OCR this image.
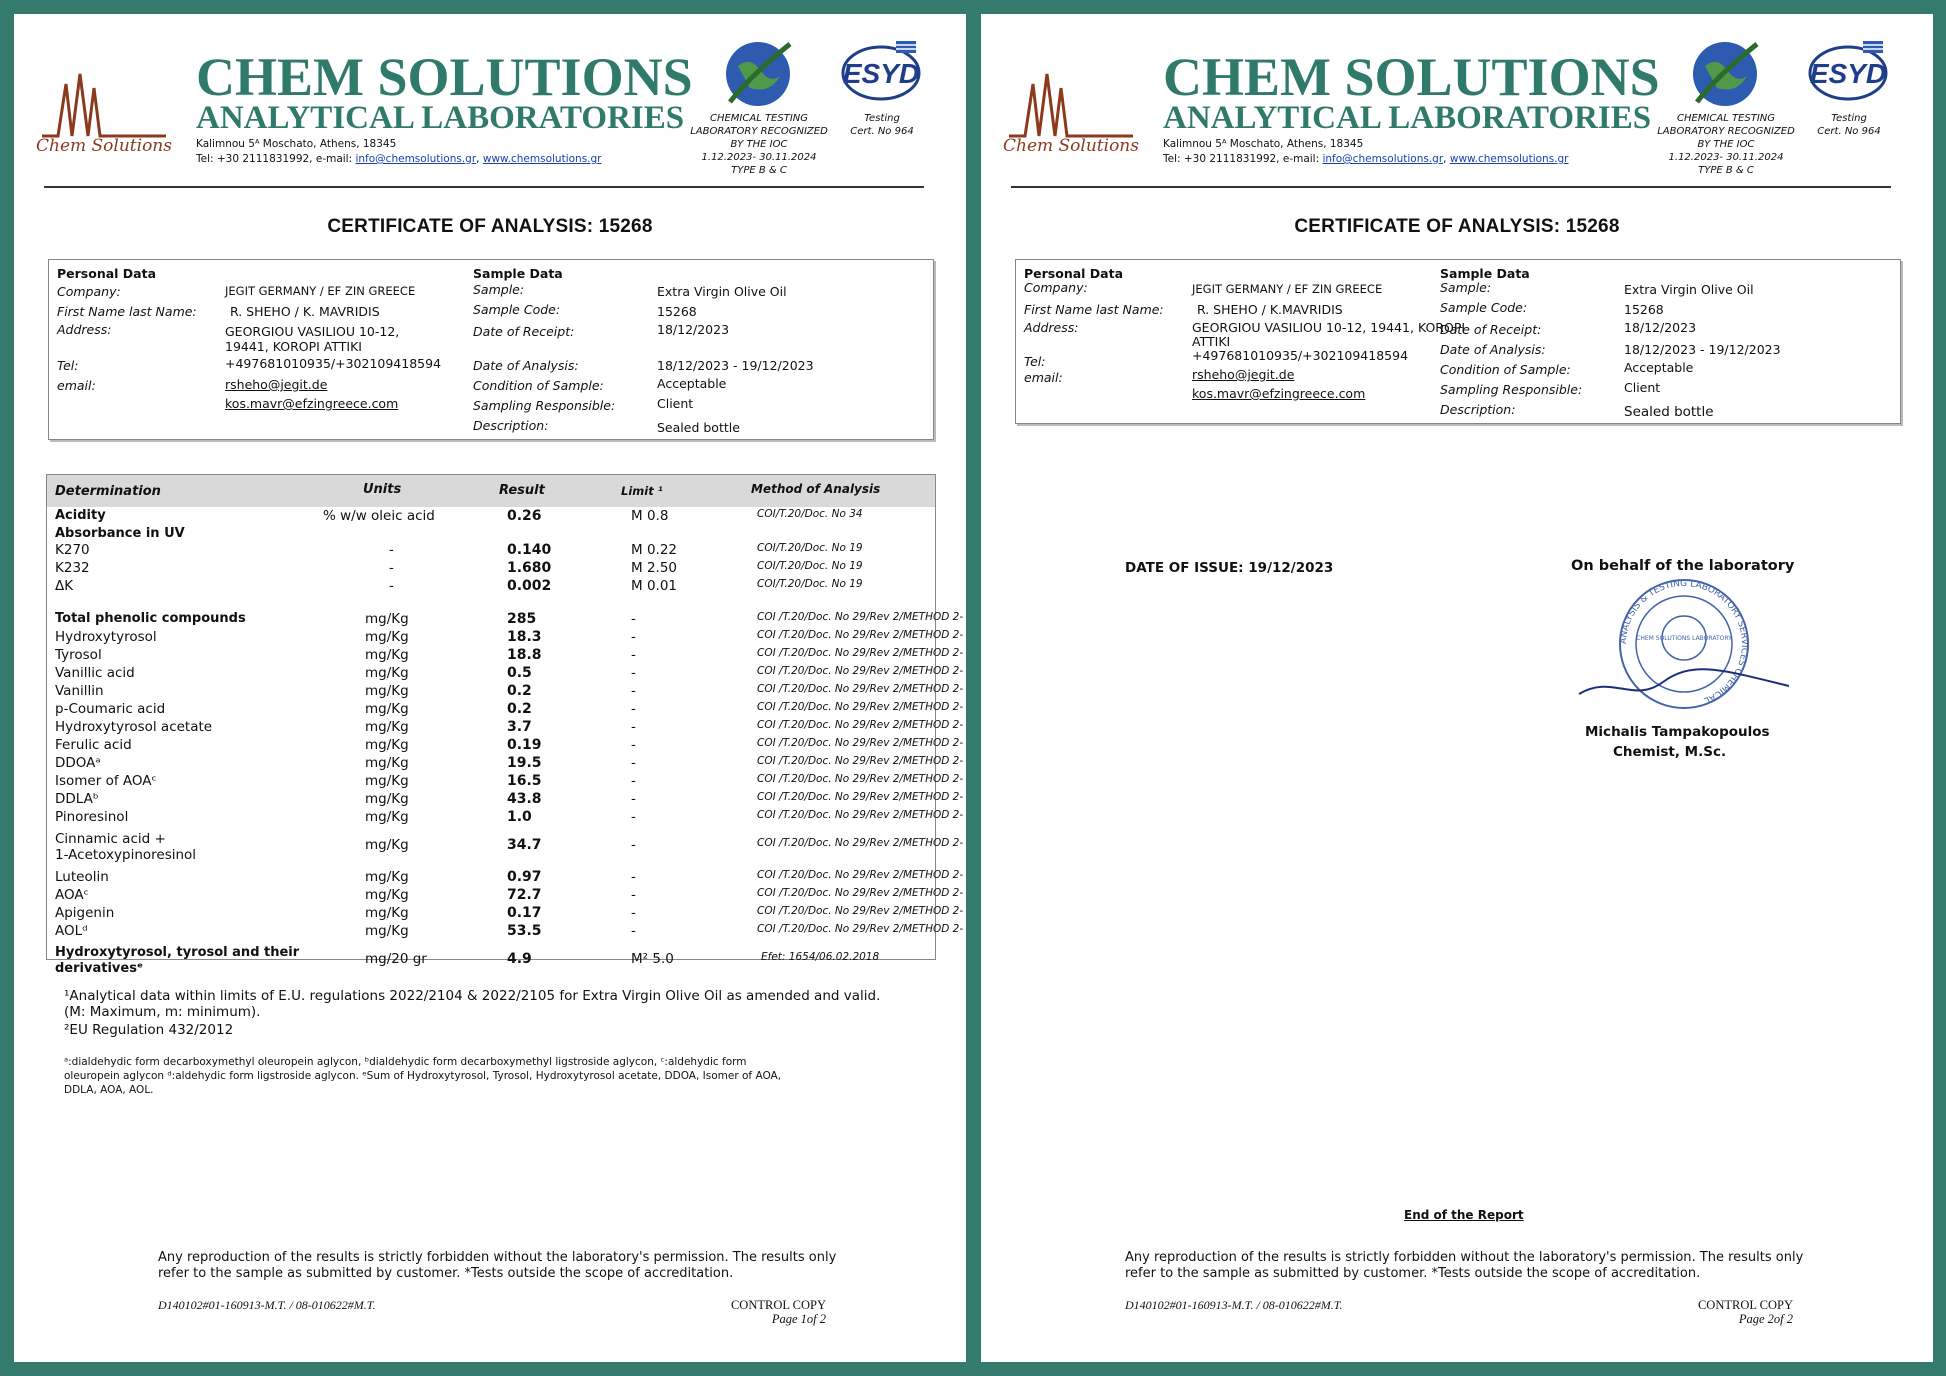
Chem Solutions
CHEM SOLUTIONS
ANALYTICAL LABORATORIES
Kalimnou 5ᴬ Moschato, Athens, 18345
Tel: +30 2111831992, e-mail: info@chemsolutions.gr, www.chemsolutions.gr
ESYD
CHEMICAL TESTING
LABORATORY RECOGNIZED
BY THE IOC
1.12.2023- 30.11.2024
TYPE B & C
Testing
Cert. No 964
CERTIFICATE OF ANALYSIS: 15268
Personal Data
Company:	JEGIT GERMANY / EF ZIN GREECE
First Name last Name:	R. SHEHO / K. MAVRIDIS
Address:	GEORGIOU VASILIOU 10-12,
19441, KOROPI ATTIKI
Tel:	+497681010935/+302109418594
email:	rsheho@jegit.de
kos.mavr@efzingreece.com
Sample Data
Sample:	Extra Virgin Olive Oil
Sample Code:	15268
Date of Receipt:	18/12/2023
Date of Analysis:	18/12/2023 - 19/12/2023
Condition of Sample:	Acceptable
Sampling Responsible:	Client
Description:	Sealed bottle
Determination	Units	Result	Limit ¹	Method of Analysis
Acidity	% w/w oleic acid	0.26	M 0.8	COI/T.20/Doc. No 34
Absorbance in UV
K270	-	0.140	M 0.22	COI/T.20/Doc. No 19
K232	-	1.680	M 2.50	COI/T.20/Doc. No 19
ΔK	-	0.002	M 0.01	COI/T.20/Doc. No 19
Total phenolic compounds	mg/Kg	285	-	COI /T.20/Doc. No 29/Rev 2/METHOD 2-
Hydroxytyrosol	mg/Kg	18.3	-	COI /T.20/Doc. No 29/Rev 2/METHOD 2-
Tyrosol	mg/Kg	18.8	-	COI /T.20/Doc. No 29/Rev 2/METHOD 2-
Vanillic acid	mg/Kg	0.5	-	COI /T.20/Doc. No 29/Rev 2/METHOD 2-
Vanillin	mg/Kg	0.2	-	COI /T.20/Doc. No 29/Rev 2/METHOD 2-
p-Coumaric acid	mg/Kg	0.2	-	COI /T.20/Doc. No 29/Rev 2/METHOD 2-
Hydroxytyrosol acetate	mg/Kg	3.7	-	COI /T.20/Doc. No 29/Rev 2/METHOD 2-
Ferulic acid	mg/Kg	0.19	-	COI /T.20/Doc. No 29/Rev 2/METHOD 2-
DDOAᵃ	mg/Kg	19.5	-	COI /T.20/Doc. No 29/Rev 2/METHOD 2-
Isomer of AOAᶜ	mg/Kg	16.5	-	COI /T.20/Doc. No 29/Rev 2/METHOD 2-
DDLAᵇ	mg/Kg	43.8	-	COI /T.20/Doc. No 29/Rev 2/METHOD 2-
Pinoresinol	mg/Kg	1.0	-	COI /T.20/Doc. No 29/Rev 2/METHOD 2-
Cinnamic acid +
1-Acetoxypinoresinol
mg/Kg	34.7	-	COI /T.20/Doc. No 29/Rev 2/METHOD 2-
Luteolin	mg/Kg	0.97	-	COI /T.20/Doc. No 29/Rev 2/METHOD 2-
AOAᶜ	mg/Kg	72.7	-	COI /T.20/Doc. No 29/Rev 2/METHOD 2-
Apigenin	mg/Kg	0.17	-	COI /T.20/Doc. No 29/Rev 2/METHOD 2-
AOLᵈ	mg/Kg	53.5	-	COI /T.20/Doc. No 29/Rev 2/METHOD 2-
Hydroxytyrosol, tyrosol and their
derivativesᵉ
mg/20 gr	4.9	M² 5.0	Efet: 1654/06.02.2018
¹Analytical data within limits of E.U. regulations 2022/2104 & 2022/2105 for Extra Virgin Olive Oil as amended and valid.
(M: Maximum, m: minimum).
²EU Regulation 432/2012
ᵃ:dialdehydic form decarboxymethyl oleuropein aglycon, ᵇdialdehydic form decarboxymethyl ligstroside aglycon, ᶜ:aldehydic form
oleuropein aglycon ᵈ:aldehydic form ligstroside aglycon. ᵉSum of Hydroxytyrosol, Tyrosol, Hydroxytyrosol acetate, DDOA, Isomer of AOA,
DDLA, AOA, AOL.
Any reproduction of the results is strictly forbidden without the laboratory's permission. The results only refer to the sample as submitted by customer. *Tests outside the scope of accreditation.
D140102#01-160913-M.T. / 08-010622#M.T.	CONTROL COPY
Page 1of 2
Chem Solutions
CHEM SOLUTIONS
ANALYTICAL LABORATORIES
Kalimnou 5ᴬ Moschato, Athens, 18345
Tel: +30 2111831992, e-mail: info@chemsolutions.gr, www.chemsolutions.gr
ESYD
CHEMICAL TESTING
LABORATORY RECOGNIZED
BY THE IOC
1.12.2023- 30.11.2024
TYPE B & C
Testing
Cert. No 964
CERTIFICATE OF ANALYSIS: 15268
Personal Data
Company:	JEGIT GERMANY / EF ZIN GREECE
First Name last Name:	R. SHEHO / K.MAVRIDIS
Address:	GEORGIOU VASILIOU 10-12, 19441, KOROPI
ATTIKI
Tel:	+497681010935/+302109418594
email:	rsheho@jegit.de
kos.mavr@efzingreece.com
Sample Data
Sample:	Extra Virgin Olive Oil
Sample Code:	15268
Date of Receipt:	18/12/2023
Date of Analysis:	18/12/2023 - 19/12/2023
Condition of Sample:	Acceptable
Sampling Responsible:	Client
Description:	Sealed bottle
DATE OF ISSUE: 19/12/2023	On behalf of the laboratory
ANALYSIS & TESTING LABORATORY SERVICES CHEMICAL
CHEM SOLUTIONS LABORATORY
Michalis Tampakopoulos
Chemist, M.Sc.
End of the Report
Any reproduction of the results is strictly forbidden without the laboratory's permission. The results only refer to the sample as submitted by customer. *Tests outside the scope of accreditation.
D140102#01-160913-M.T. / 08-010622#M.T.	CONTROL COPY
Page 2of 2
